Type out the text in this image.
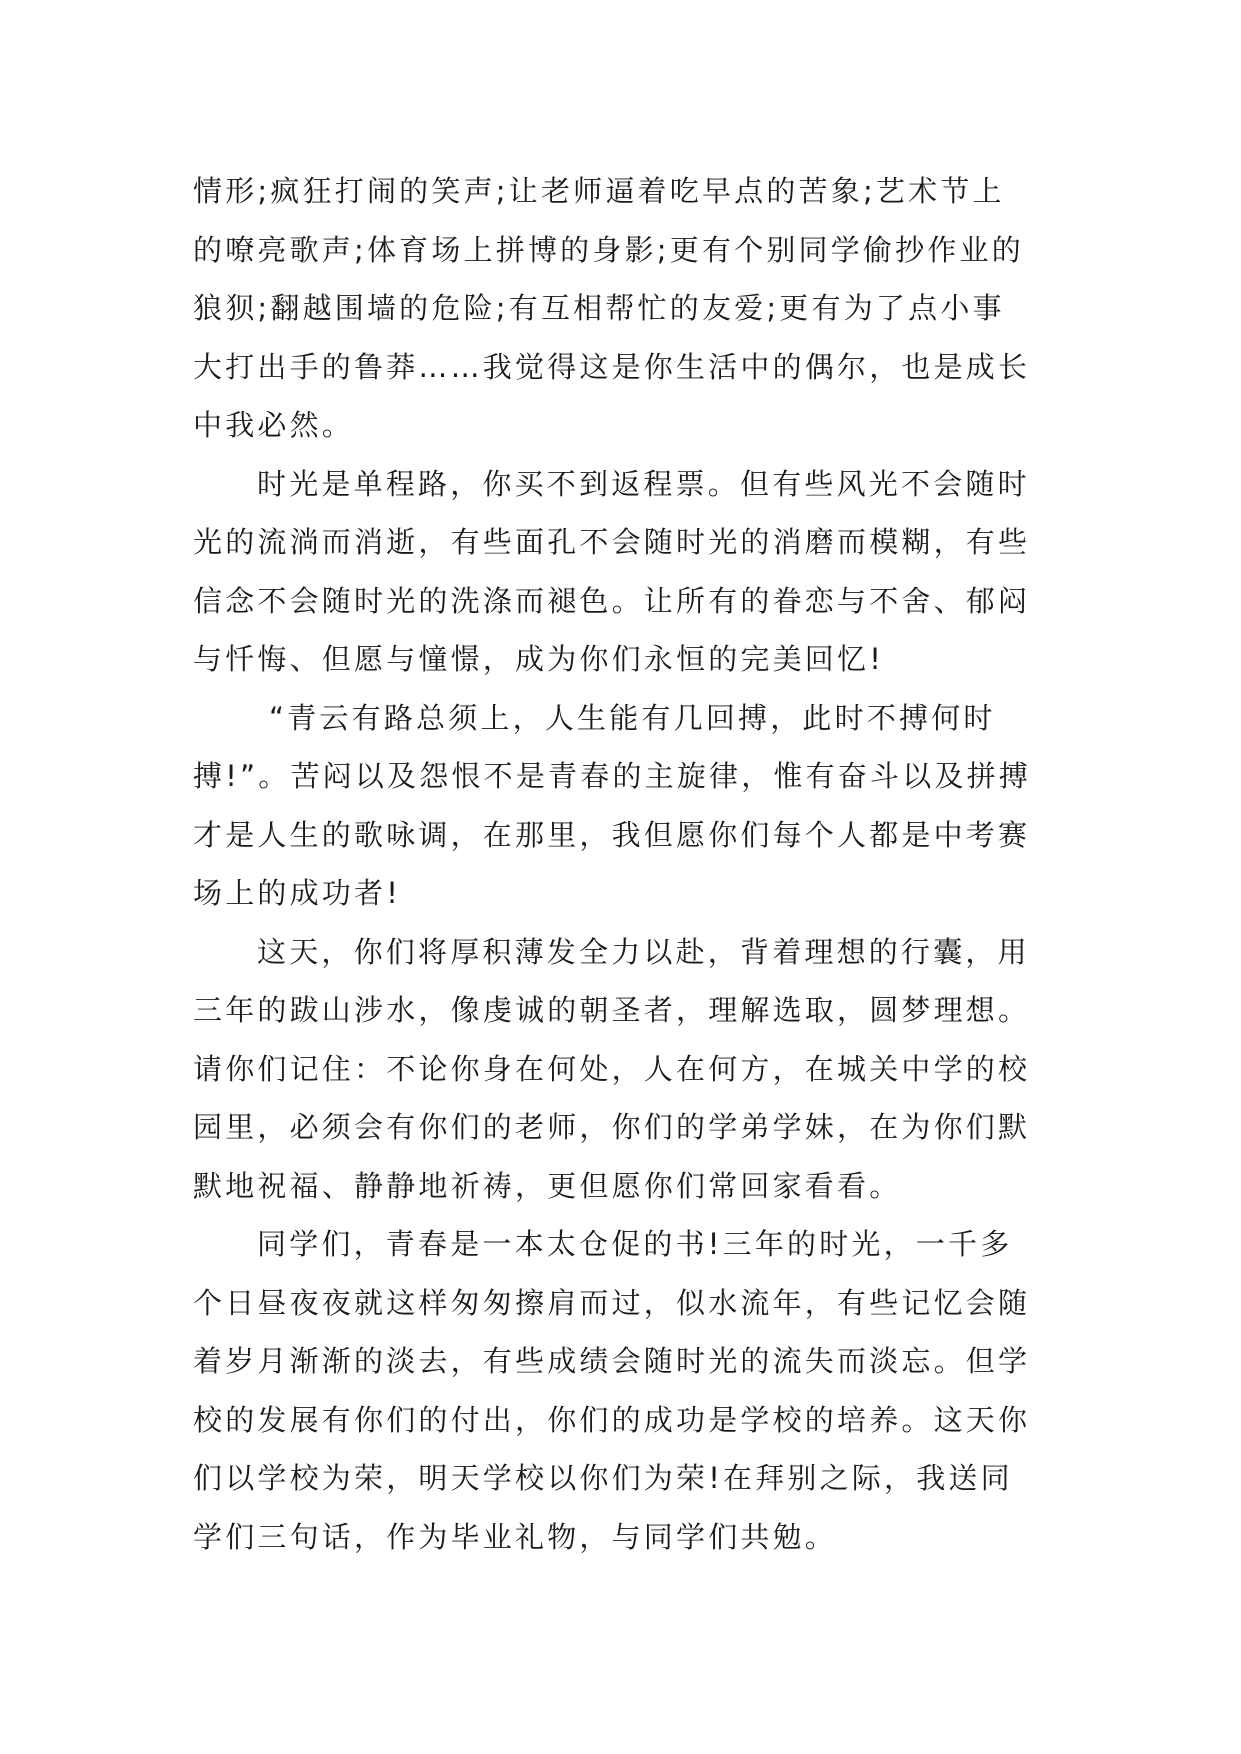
情形;疯狂打闹的笑声;让老师逼着吃早点的苦象;艺术节上
的嘹亮歌声;体育场上拼博的身影;更有个别同学偷抄作业的
狼狈;翻越围墙的危险;有互相帮忙的友爱;更有为了点小事
大打出手的鲁莽……我觉得这是你生活中的偶尔，也是成长
中我必然。
时光是单程路，你买不到返程票。但有些风光不会随时
光的流淌而消逝，有些面孔不会随时光的消磨而模糊，有些
信念不会随时光的洗涤而褪色。让所有的眷恋与不舍、郁闷
与忏悔、但愿与憧憬，成为你们永恒的完美回忆!
“青云有路总须上，人生能有几回搏，此时不搏何时
搏!”。苦闷以及怨恨不是青春的主旋律，惟有奋斗以及拼搏
才是人生的歌咏调，在那里，我但愿你们每个人都是中考赛
场上的成功者!
这天，你们将厚积薄发全力以赴，背着理想的行囊，用
三年的跋山涉水，像虔诚的朝圣者，理解选取，圆梦理想。
请你们记住：不论你身在何处，人在何方，在城关中学的校
园里，必须会有你们的老师，你们的学弟学妹，在为你们默
默地祝福、静静地祈祷，更但愿你们常回家看看。
同学们，青春是一本太仓促的书!三年的时光，一千多
个日昼夜夜就这样匆匆擦肩而过，似水流年，有些记忆会随
着岁月渐渐的淡去，有些成绩会随时光的流失而淡忘。但学
校的发展有你们的付出，你们的成功是学校的培养。这天你
们以学校为荣，明天学校以你们为荣!在拜别之际，我送同
学们三句话，作为毕业礼物，与同学们共勉。
